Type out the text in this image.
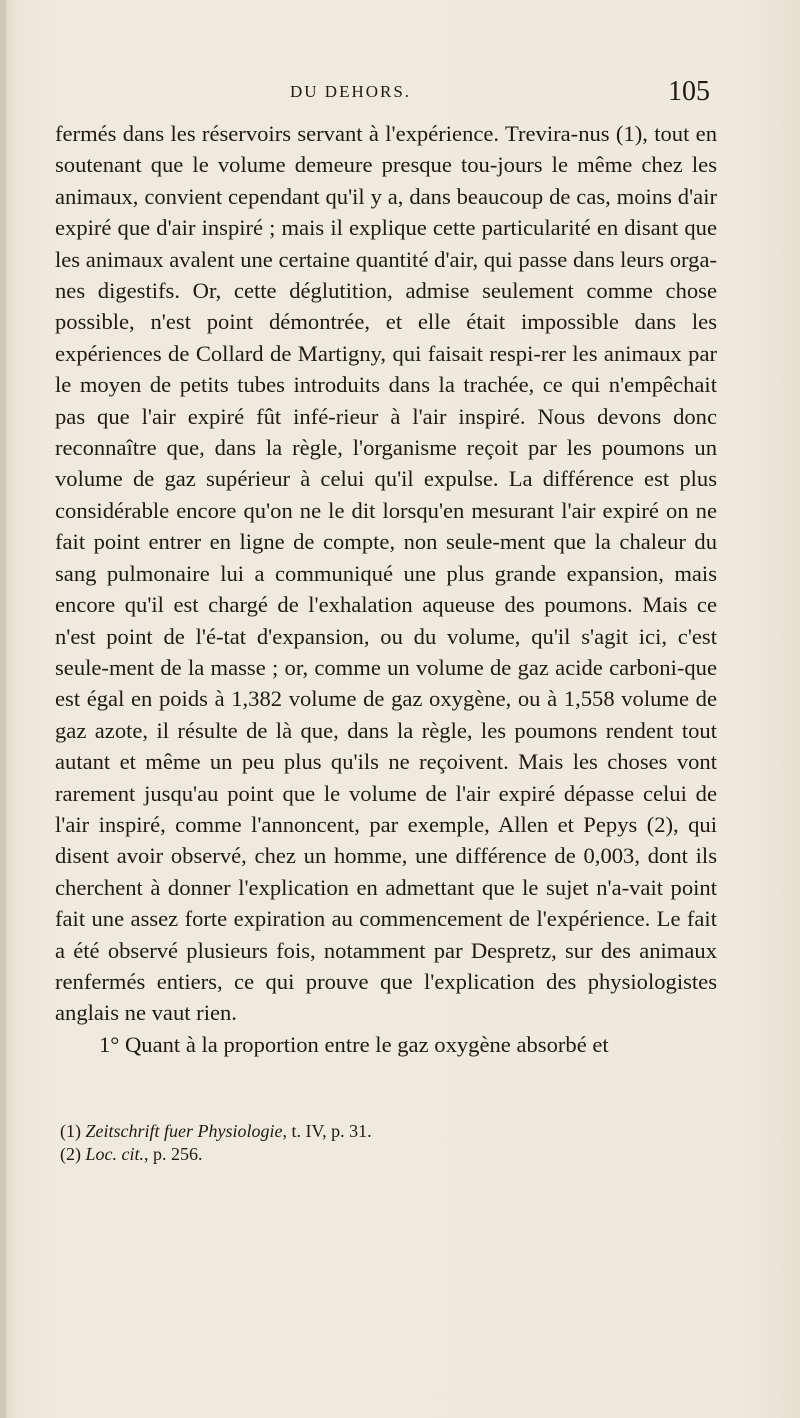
DU DEHORS.	105

fermés dans les réservoirs servant à l'expérience. Trevira-nus (1), tout en soutenant que le volume demeure presque tou-jours le même chez les animaux, convient cependant qu'il y a, dans beaucoup de cas, moins d'air expiré que d'air inspiré ; mais il explique cette particularité en disant que les animaux avalent une certaine quantité d'air, qui passe dans leurs orga-nes digestifs. Or, cette déglutition, admise seulement comme chose possible, n'est point démontrée, et elle était impossible dans les expériences de Collard de Martigny, qui faisait respi-rer les animaux par le moyen de petits tubes introduits dans la trachée, ce qui n'empêchait pas que l'air expiré fût infé-rieur à l'air inspiré. Nous devons donc reconnaître que, dans la règle, l'organisme reçoit par les poumons un volume de gaz supérieur à celui qu'il expulse. La différence est plus considérable encore qu'on ne le dit lorsqu'en mesurant l'air expiré on ne fait point entrer en ligne de compte, non seule-ment que la chaleur du sang pulmonaire lui a communiqué une plus grande expansion, mais encore qu'il est chargé de l'exhalation aqueuse des poumons. Mais ce n'est point de l'é-tat d'expansion, ou du volume, qu'il s'agit ici, c'est seule-ment de la masse ; or, comme un volume de gaz acide carboni-que est égal en poids à 1,382 volume de gaz oxygène, ou à 1,558 volume de gaz azote, il résulte de là que, dans la règle, les poumons rendent tout autant et même un peu plus qu'ils ne reçoivent. Mais les choses vont rarement jusqu'au point que le volume de l'air expiré dépasse celui de l'air inspiré, comme l'annoncent, par exemple, Allen et Pepys (2), qui disent avoir observé, chez un homme, une différence de 0,003, dont ils cherchent à donner l'explication en admettant que le sujet n'a-vait point fait une assez forte expiration au commencement de l'expérience. Le fait a été observé plusieurs fois, notamment par Despretz, sur des animaux renfermés entiers, ce qui prouve que l'explication des physiologistes anglais ne vaut rien.

1° Quant à la proportion entre le gaz oxygène absorbé et

(1) Zeitschrift fuer Physiologie, t. IV, p. 31.
(2) Loc. cit., p. 256.
